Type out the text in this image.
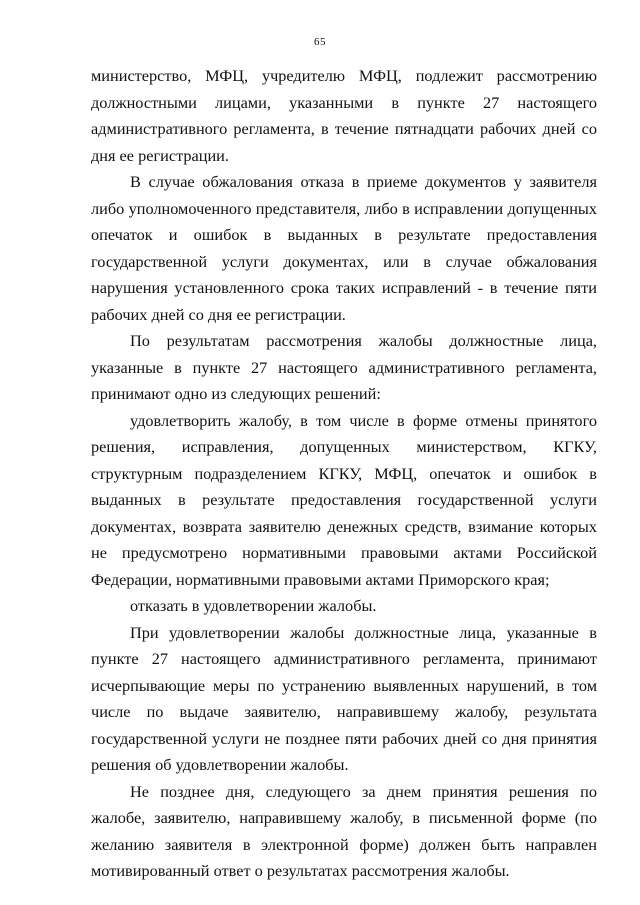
65

министерство, МФЦ, учредителю МФЦ, подлежит рассмотрению должностными лицами, указанными в пункте 27 настоящего административного регламента, в течение пятнадцати рабочих дней со дня ее регистрации.

В случае обжалования отказа в приеме документов у заявителя либо уполномоченного представителя, либо в исправлении допущенных опечаток и ошибок в выданных в результате предоставления государственной услуги документах, или в случае обжалования нарушения установленного срока таких исправлений - в течение пяти рабочих дней со дня ее регистрации.

По результатам рассмотрения жалобы должностные лица, указанные в пункте 27 настоящего административного регламента, принимают одно из следующих решений:

удовлетворить жалобу, в том числе в форме отмены принятого решения, исправления, допущенных министерством, КГКУ, структурным подразделением КГКУ, МФЦ, опечаток и ошибок в выданных в результате предоставления государственной услуги документах, возврата заявителю денежных средств, взимание которых не предусмотрено нормативными правовыми актами Российской Федерации, нормативными правовыми актами Приморского края;

отказать в удовлетворении жалобы.

При удовлетворении жалобы должностные лица, указанные в пункте 27 настоящего административного регламента, принимают исчерпывающие меры по устранению выявленных нарушений, в том числе по выдаче заявителю, направившему жалобу, результата государственной услуги не позднее пяти рабочих дней со дня принятия решения об удовлетворении жалобы.

Не позднее дня, следующего за днем принятия решения по жалобе, заявителю, направившему жалобу, в письменной форме (по желанию заявителя в электронной форме) должен быть направлен мотивированный ответ о результатах рассмотрения жалобы.
